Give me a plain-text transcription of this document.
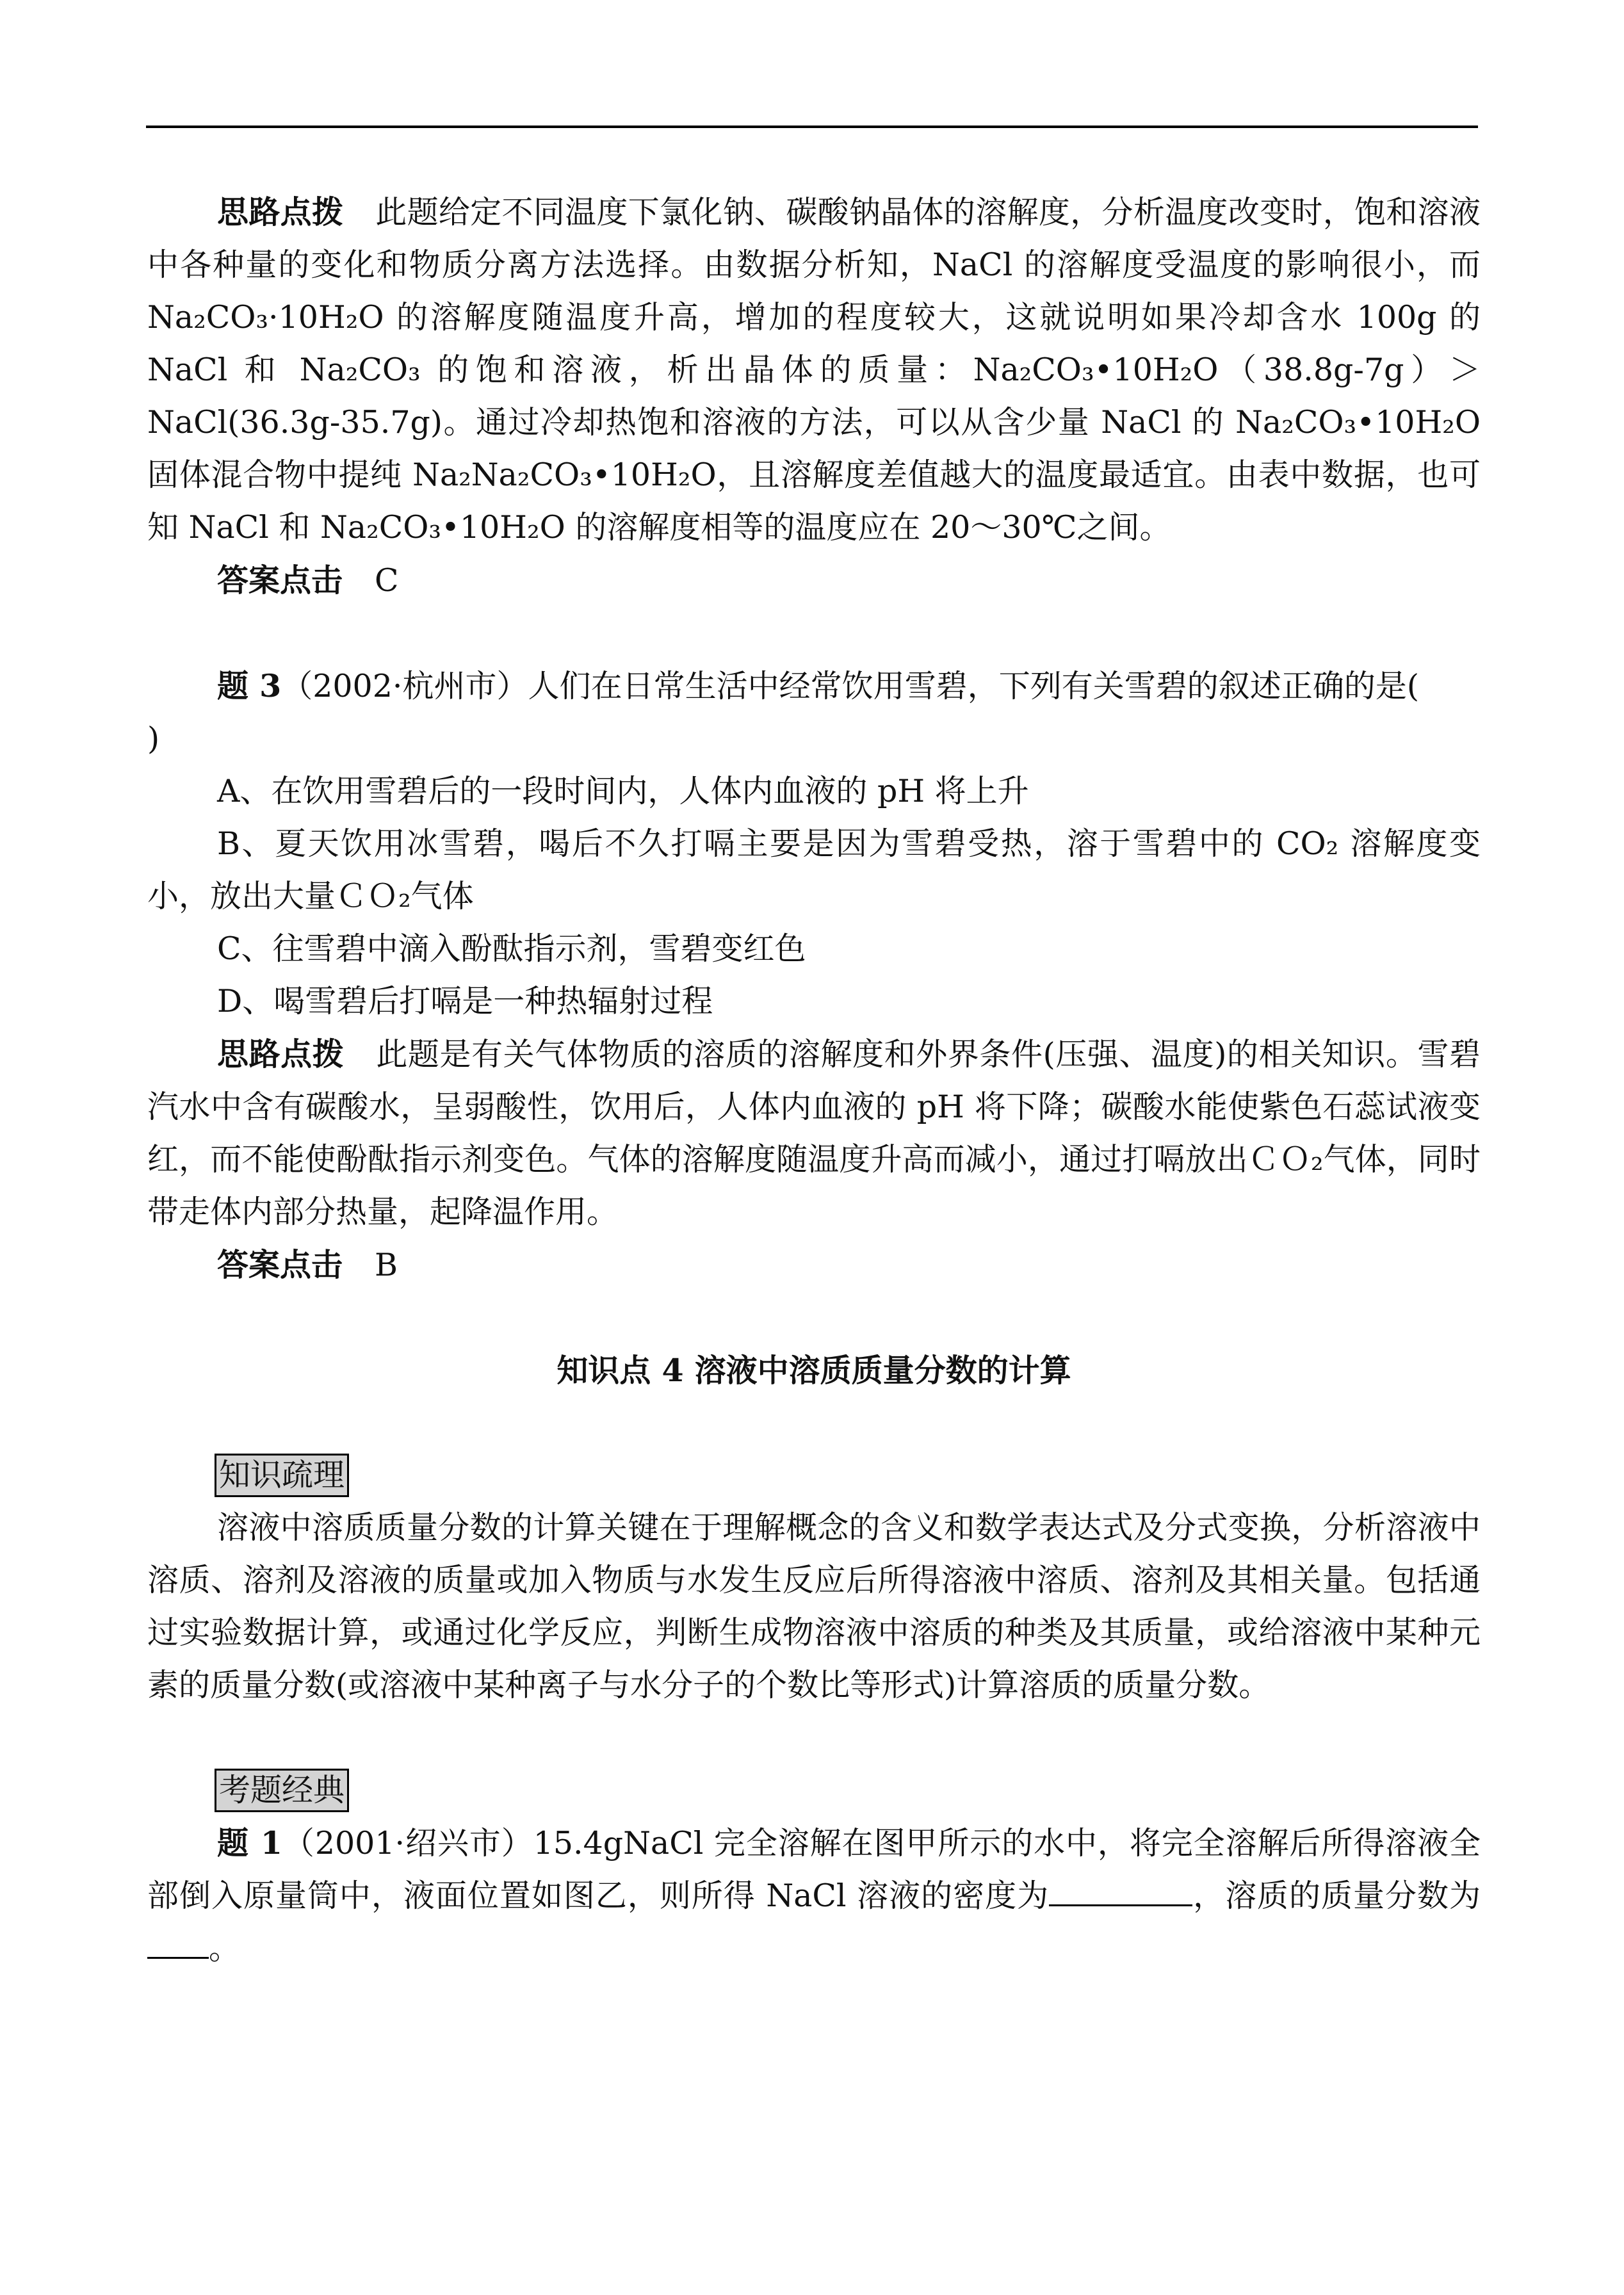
思路点拨 此题给定不同温度下氯化钠、碳酸钠晶体的溶解度，分析温度改变时，饱和溶液中各种量的变化和物质分离方法选择。由数据分析知，NaCl 的溶解度受温度的影响很小，而 Na₂CO₃·10H₂O 的溶解度随温度升高，增加的程度较大，这就说明如果冷却含水 100g 的 NaCl 和 Na₂CO₃ 的饱和溶液，析出晶体的质量：Na₂CO₃•10H₂O（38.8g-7g）＞NaCl(36.3g-35.7g)。通过冷却热饱和溶液的方法，可以从含少量 NaCl 的 Na₂CO₃•10H₂O 固体混合物中提纯 Na₂Na₂CO₃•10H₂O，且溶解度差值越大的温度最适宜。由表中数据，也可知 NaCl 和 Na₂CO₃•10H₂O 的溶解度相等的温度应在 20～30℃之间。

答案点击 C

题 3（2002·杭州市）人们在日常生活中经常饮用雪碧，下列有关雪碧的叙述正确的是()

A、在饮用雪碧后的一段时间内，人体内血液的 pH 将上升

B、夏天饮用冰雪碧，喝后不久打嗝主要是因为雪碧受热，溶于雪碧中的 CO₂ 溶解度变小，放出大量ＣＯ₂气体

C、往雪碧中滴入酚酞指示剂，雪碧变红色

D、喝雪碧后打嗝是一种热辐射过程

思路点拨 此题是有关气体物质的溶质的溶解度和外界条件(压强、温度)的相关知识。雪碧汽水中含有碳酸水，呈弱酸性，饮用后，人体内血液的 pH 将下降；碳酸水能使紫色石蕊试液变红，而不能使酚酞指示剂变色。气体的溶解度随温度升高而减小，通过打嗝放出ＣＯ₂气体，同时带走体内部分热量，起降温作用。

答案点击 B

知识点 4 溶液中溶质质量分数的计算

知识疏理

溶液中溶质质量分数的计算关键在于理解概念的含义和数学表达式及分式变换，分析溶液中溶质、溶剂及溶液的质量或加入物质与水发生反应后所得溶液中溶质、溶剂及其相关量。包括通过实验数据计算，或通过化学反应，判断生成物溶液中溶质的种类及其质量，或给溶液中某种元素的质量分数(或溶液中某种离子与水分子的个数比等形式)计算溶质的质量分数。

考题经典

题 1（2001·绍兴市）15.4gNaCl 完全溶解在图甲所示的水中，将完全溶解后所得溶液全部倒入原量筒中，液面位置如图乙，则所得 NaCl 溶液的密度为	，溶质的质量分数为。
